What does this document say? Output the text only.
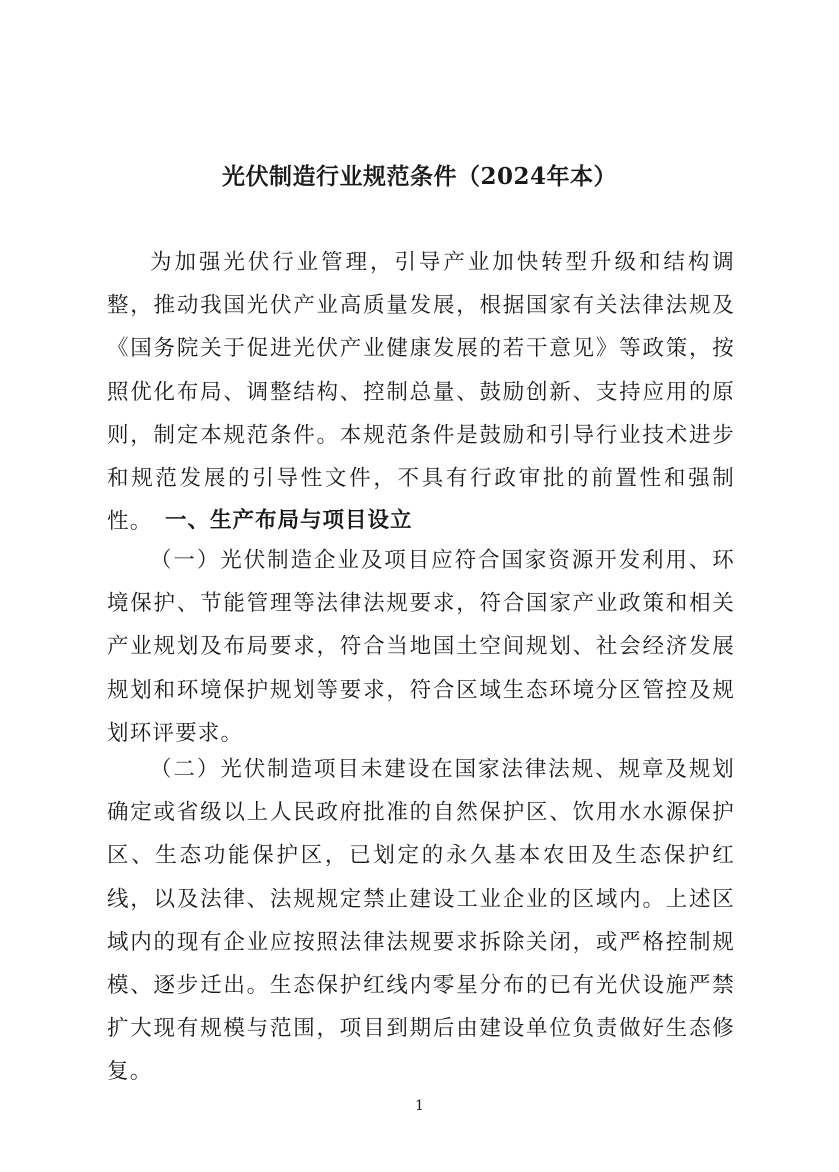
光伏制造行业规范条件（2024年本）

为加强光伏行业管理，引导产业加快转型升级和结构调整，推动我国光伏产业高质量发展，根据国家有关法律法规及《国务院关于促进光伏产业健康发展的若干意见》等政策，按照优化布局、调整结构、控制总量、鼓励创新、支持应用的原则，制定本规范条件。本规范条件是鼓励和引导行业技术进步和规范发展的引导性文件，不具有行政审批的前置性和强制性。 一、生产布局与项目设立

（一）光伏制造企业及项目应符合国家资源开发利用、环境保护、节能管理等法律法规要求，符合国家产业政策和相关产业规划及布局要求，符合当地国土空间规划、社会经济发展规划和环境保护规划等要求，符合区域生态环境分区管控及规划环评要求。

（二）光伏制造项目未建设在国家法律法规、规章及规划确定或省级以上人民政府批准的自然保护区、饮用水水源保护区、生态功能保护区，已划定的永久基本农田及生态保护红线，以及法律、法规规定禁止建设工业企业的区域内。上述区域内的现有企业应按照法律法规要求拆除关闭，或严格控制规模、逐步迁出。生态保护红线内零星分布的已有光伏设施严禁扩大现有规模与范围，项目到期后由建设单位负责做好生态修复。

1
